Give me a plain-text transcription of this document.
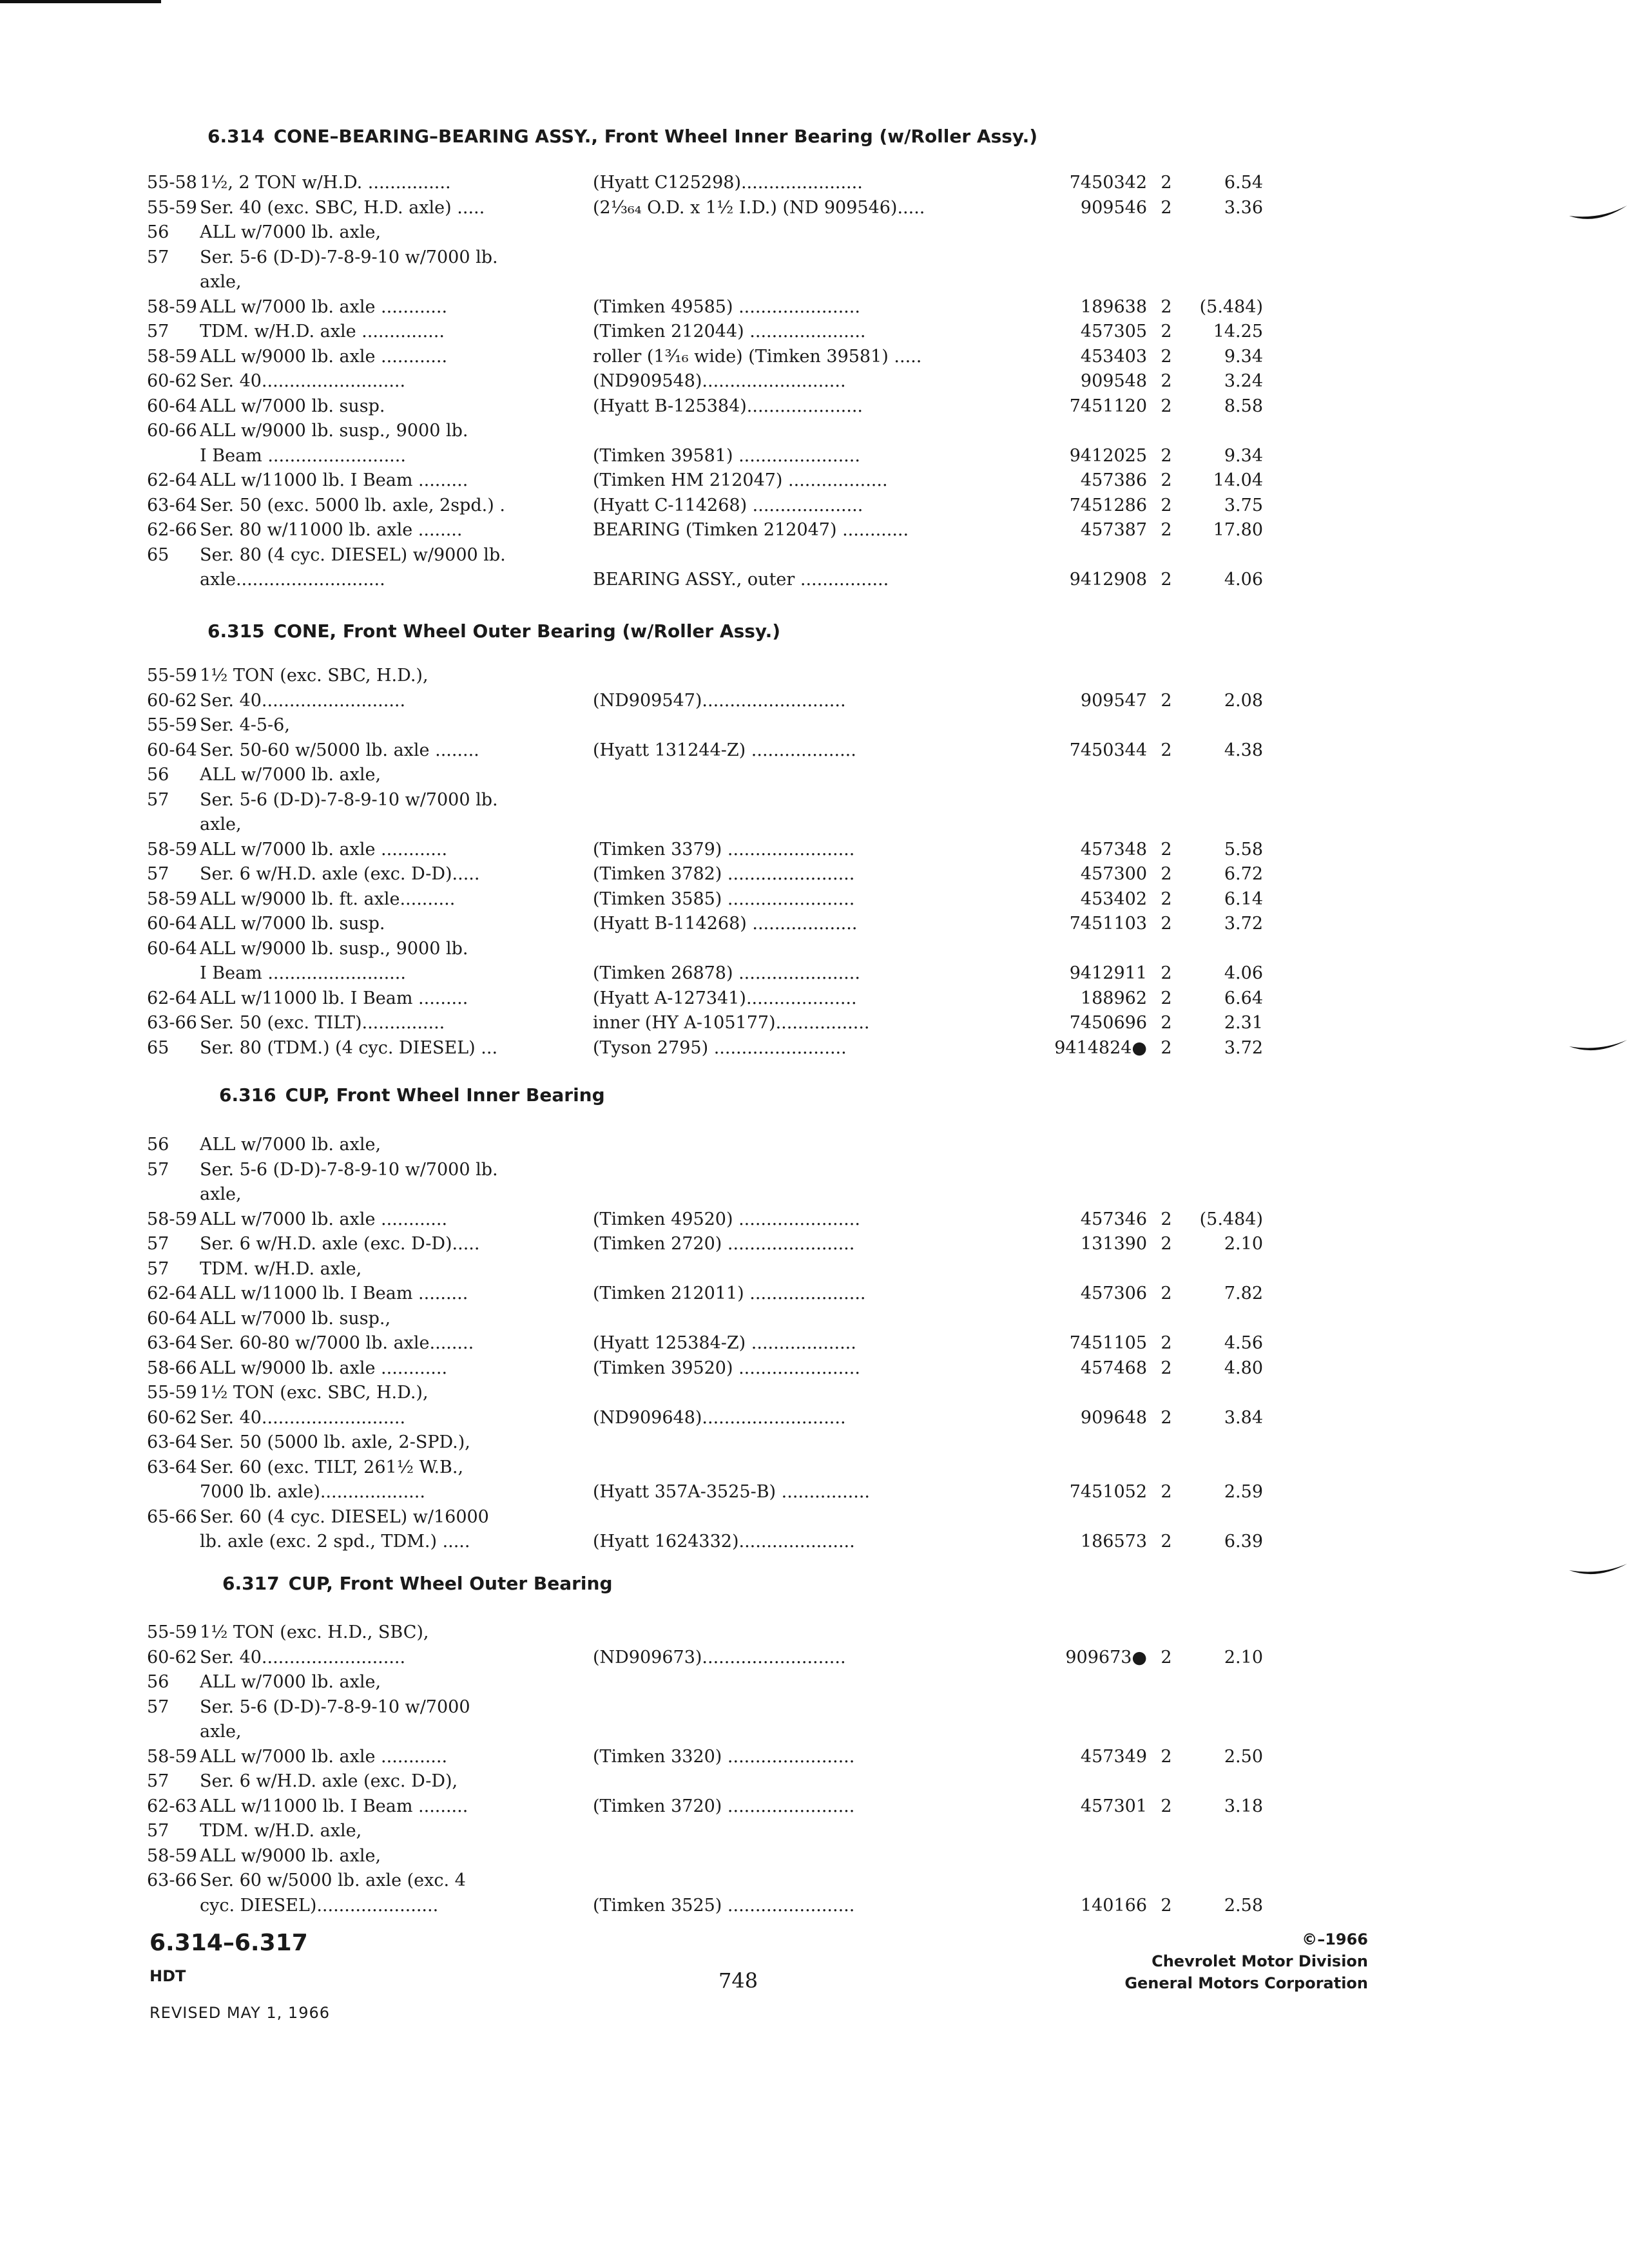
6.314 CONE–BEARING–BEARING ASSY., Front Wheel Inner Bearing (w/Roller Assy.)
55-58 1½, 2 TON w/H.D. ...............	(Hyatt C125298)......................	7450342 2	6.54
55-59 Ser. 40 (exc. SBC, H.D. axle) .....	(2⅓₆₄ O.D. x 1½ I.D.) (ND 909546).....	909546 2	3.36
56	ALL w/7000 lb. axle,
57	Ser. 5-6 (D-D)-7-8-9-10 w/7000 lb.
axle,
58-59 ALL w/7000 lb. axle ............	(Timken 49585) ......................	189638 2	(5.484)
57	TDM. w/H.D. axle ...............	(Timken 212044) .....................	457305 2	14.25
58-59 ALL w/9000 lb. axle ............	roller (1³⁄₁₆ wide) (Timken 39581) .....	453403 2	9.34
60-62 Ser. 40..........................	(ND909548)..........................	909548 2	3.24
60-64 ALL w/7000 lb. susp.	(Hyatt B-125384).....................	7451120 2	8.58
60-66 ALL w/9000 lb. susp., 9000 lb.
I Beam .........................	(Timken 39581) ......................	9412025 2	9.34
62-64 ALL w/11000 lb. I Beam .........	(Timken HM 212047) ..................	457386 2	14.04
63-64 Ser. 50 (exc. 5000 lb. axle, 2spd.) .	(Hyatt C-114268) ....................	7451286 2	3.75
62-66 Ser. 80 w/11000 lb. axle ........	BEARING (Timken 212047) ............	457387 2	17.80
65	Ser. 80 (4 cyc. DIESEL) w/9000 lb.
axle...........................	BEARING ASSY., outer ................	9412908 2	4.06
6.315 CONE, Front Wheel Outer Bearing (w/Roller Assy.)
55-59 1½ TON (exc. SBC, H.D.),
60-62 Ser. 40..........................	(ND909547)..........................	909547 2	2.08
55-59 Ser. 4-5-6,
60-64 Ser. 50-60 w/5000 lb. axle ........	(Hyatt 131244-Z) ...................	7450344 2	4.38
56	ALL w/7000 lb. axle,
57	Ser. 5-6 (D-D)-7-8-9-10 w/7000 lb.
axle,
58-59 ALL w/7000 lb. axle ............	(Timken 3379) .......................	457348 2	5.58
57	Ser. 6 w/H.D. axle (exc. D-D).....	(Timken 3782) .......................	457300 2	6.72
58-59 ALL w/9000 lb. ft. axle..........	(Timken 3585) .......................	453402 2	6.14
60-64 ALL w/7000 lb. susp.	(Hyatt B-114268) ...................	7451103 2	3.72
60-64 ALL w/9000 lb. susp., 9000 lb.
I Beam .........................	(Timken 26878) ......................	9412911 2	4.06
62-64 ALL w/11000 lb. I Beam .........	(Hyatt A-127341)....................	188962 2	6.64
63-66 Ser. 50 (exc. TILT)...............	inner (HY A-105177).................	7450696 2	2.31
65	Ser. 80 (TDM.) (4 cyc. DIESEL) ...	(Tyson 2795) ........................	9414824● 2	3.72
6.316 CUP, Front Wheel Inner Bearing
56	ALL w/7000 lb. axle,
57	Ser. 5-6 (D-D)-7-8-9-10 w/7000 lb.
axle,
58-59 ALL w/7000 lb. axle ............	(Timken 49520) ......................	457346 2	(5.484)
57	Ser. 6 w/H.D. axle (exc. D-D).....	(Timken 2720) .......................	131390 2	2.10
57	TDM. w/H.D. axle,
62-64 ALL w/11000 lb. I Beam .........	(Timken 212011) .....................	457306 2	7.82
60-64 ALL w/7000 lb. susp.,
63-64 Ser. 60-80 w/7000 lb. axle........	(Hyatt 125384-Z) ...................	7451105 2	4.56
58-66 ALL w/9000 lb. axle ............	(Timken 39520) ......................	457468 2	4.80
55-59 1½ TON (exc. SBC, H.D.),
60-62 Ser. 40..........................	(ND909648)..........................	909648 2	3.84
63-64 Ser. 50 (5000 lb. axle, 2-SPD.),
63-64 Ser. 60 (exc. TILT, 261½ W.B.,
7000 lb. axle)...................	(Hyatt 357A-3525-B) ................	7451052 2	2.59
65-66 Ser. 60 (4 cyc. DIESEL) w/16000
lb. axle (exc. 2 spd., TDM.) .....	(Hyatt 1624332).....................	186573 2	6.39
6.317 CUP, Front Wheel Outer Bearing
55-59 1½ TON (exc. H.D., SBC),
60-62 Ser. 40..........................	(ND909673)..........................	909673● 2	2.10
56	ALL w/7000 lb. axle,
57	Ser. 5-6 (D-D)-7-8-9-10 w/7000
axle,
58-59 ALL w/7000 lb. axle ............	(Timken 3320) .......................	457349 2	2.50
57	Ser. 6 w/H.D. axle (exc. D-D),
62-63 ALL w/11000 lb. I Beam .........	(Timken 3720) .......................	457301 2	3.18
57	TDM. w/H.D. axle,
58-59 ALL w/9000 lb. axle,
63-66 Ser. 60 w/5000 lb. axle (exc. 4
cyc. DIESEL)......................	(Timken 3525) .......................	140166 2	2.58
6.314–6.317
HDT
REVISED MAY 1, 1966
748
©–1966
Chevrolet Motor Division
General Motors Corporation
